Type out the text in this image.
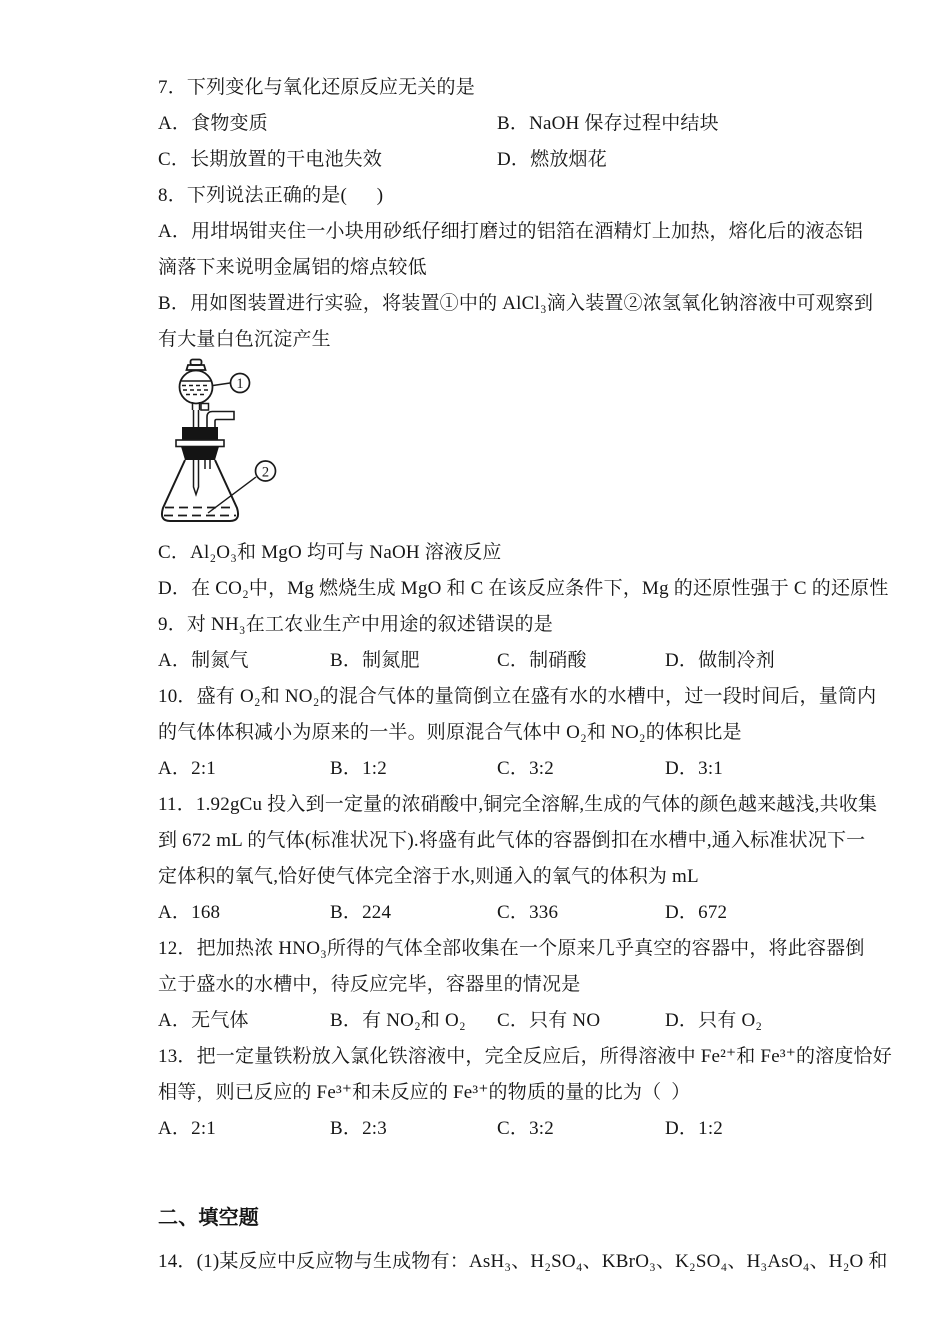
7．下列变化与氧化还原反应无关的是

A．食物变质

	B．NaOH 保存过程中结块

C．长期放置的干电池失效

	D．燃放烟花

8．下列说法正确的是(      )
A．用坩埚钳夹住一小块用砂纸仔细打磨过的铝箔在酒精灯上加热，熔化后的液态铝
滴落下来说明金属铝的熔点较低
B．用如图装置进行实验，将装置①中的 AlCl₃滴入装置②浓氢氧化钠溶液中可观察到
有大量白色沉淀产生
1
2
C．Al₂O₃和 MgO 均可与 NaOH 溶液反应
D．在 CO₂中，Mg 燃烧生成 MgO 和 C 在该反应条件下，Mg 的还原性强于 C 的还原性
9．对 NH₃在工农业生产中用途的叙述错误的是

A．制氮气

	B．制氮肥

	C．制硝酸

	D．做制冷剂

10．盛有 O₂和 NO₂的混合气体的量筒倒立在盛有水的水槽中，过一段时间后，量筒内
的气体体积减小为原来的一半。则原混合气体中 O₂和 NO₂的体积比是

A．2:1

	B．1:2

	C．3:2

	D．3:1

11．1.92gCu 投入到一定量的浓硝酸中,铜完全溶解,生成的气体的颜色越来越浅,共收集
到 672 mL 的气体(标准状况下).将盛有此气体的容器倒扣在水槽中,通入标准状况下一
定体积的氧气,恰好使气体完全溶于水,则通入的氧气的体积为 mL

A．168

	B．224

	C．336

	D．672

12．把加热浓 HNO₃所得的气体全部收集在一个原来几乎真空的容器中，将此容器倒
立于盛水的水槽中，待反应完毕，容器里的情况是

A．无气体

	B．有 NO₂和 O₂

C．只有 NO

	D．只有 O₂

13．把一定量铁粉放入氯化铁溶液中，完全反应后，所得溶液中 Fe²⁺和 Fe³⁺的溶度恰好
相等，则已反应的 Fe³⁺和未反应的 Fe³⁺的物质的量的比为（  ）

A．2:1

	B．2:3

	C．3:2

	D．1:2

二、填空题
14．(1)某反应中反应物与生成物有：AsH₃、H₂SO₄、KBrO₃、K₂SO₄、H₃AsO₄、H₂O 和
